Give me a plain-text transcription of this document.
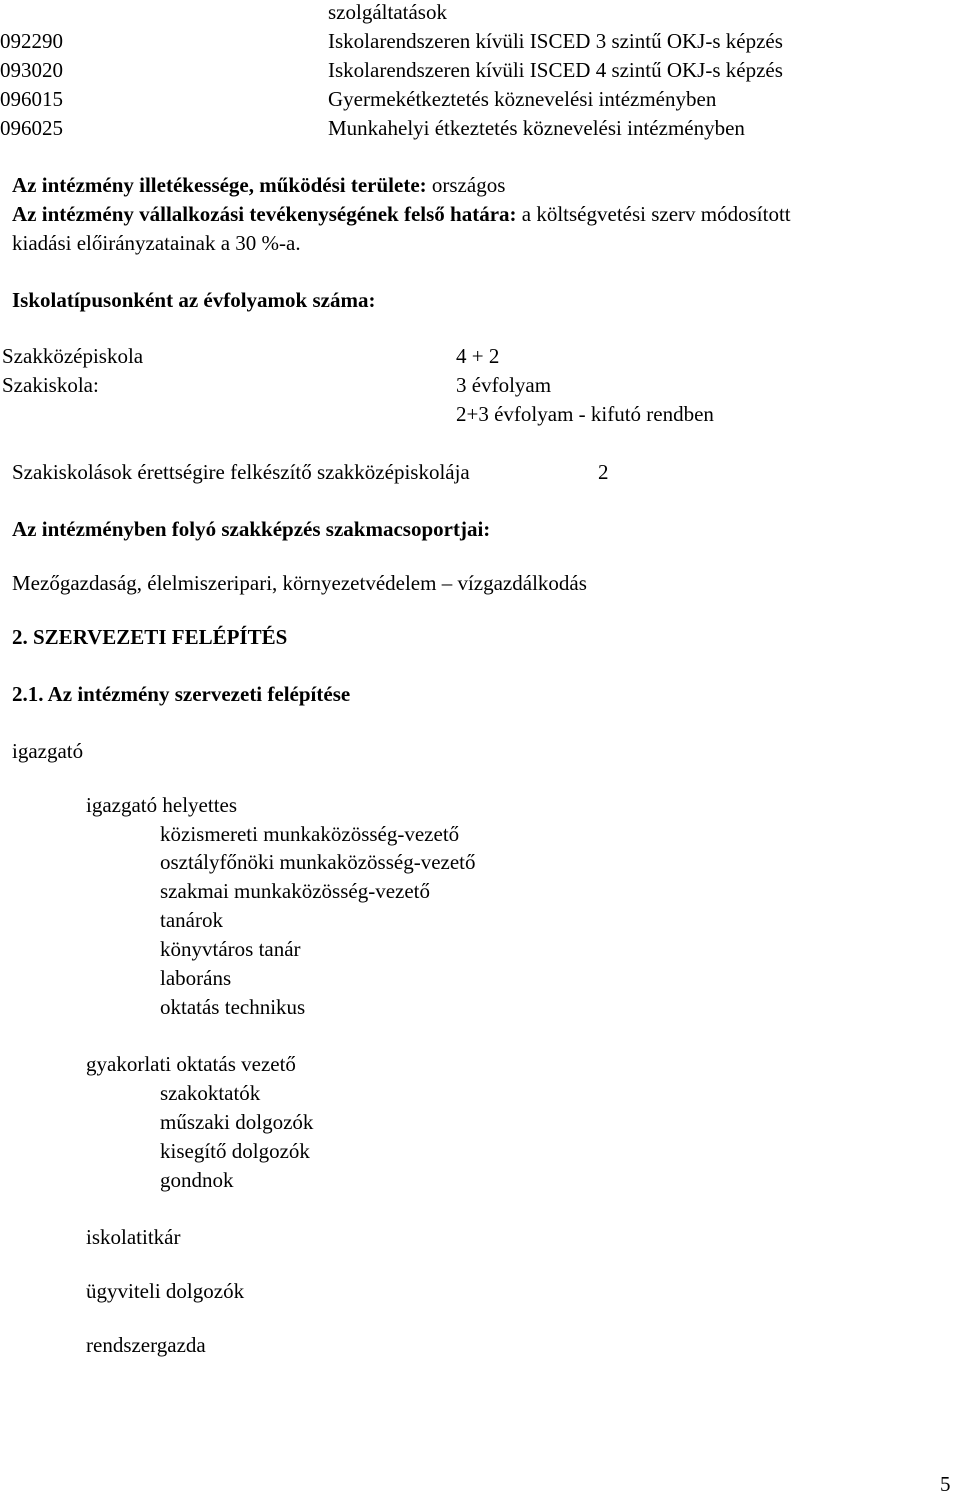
szolgáltatások
092290	Iskolarendszeren kívüli ISCED 3 szintű OKJ-s képzés
093020	Iskolarendszeren kívüli ISCED 4 szintű OKJ-s képzés
096015	Gyermekétkeztetés köznevelési intézményben
096025	Munkahelyi étkeztetés köznevelési intézményben
Az intézmény illetékessége, működési területe: országos
Az intézmény vállalkozási tevékenységének felső határa: a költségvetési szerv módosított
kiadási előirányzatainak a 30 %-a.
Iskolatípusonként az évfolyamok száma:
Szakközépiskola	4 + 2
Szakiskola:	3 évfolyam
2+3 évfolyam - kifutó rendben
Szakiskolások érettségire felkészítő szakközépiskolája	2
Az intézményben folyó szakképzés szakmacsoportjai:
Mezőgazdaság, élelmiszeripari, környezetvédelem – vízgazdálkodás
2. SZERVEZETI FELÉPÍTÉS
2.1. Az intézmény szervezeti felépítése
igazgató
igazgató helyettes
közismereti munkaközösség-vezető
osztályfőnöki munkaközösség-vezető
szakmai munkaközösség-vezető
tanárok
könyvtáros tanár
laboráns
oktatás technikus
gyakorlati oktatás vezető
szakoktatók
műszaki dolgozók
kisegítő dolgozók
gondnok
iskolatitkár
ügyviteli dolgozók
rendszergazda
5
